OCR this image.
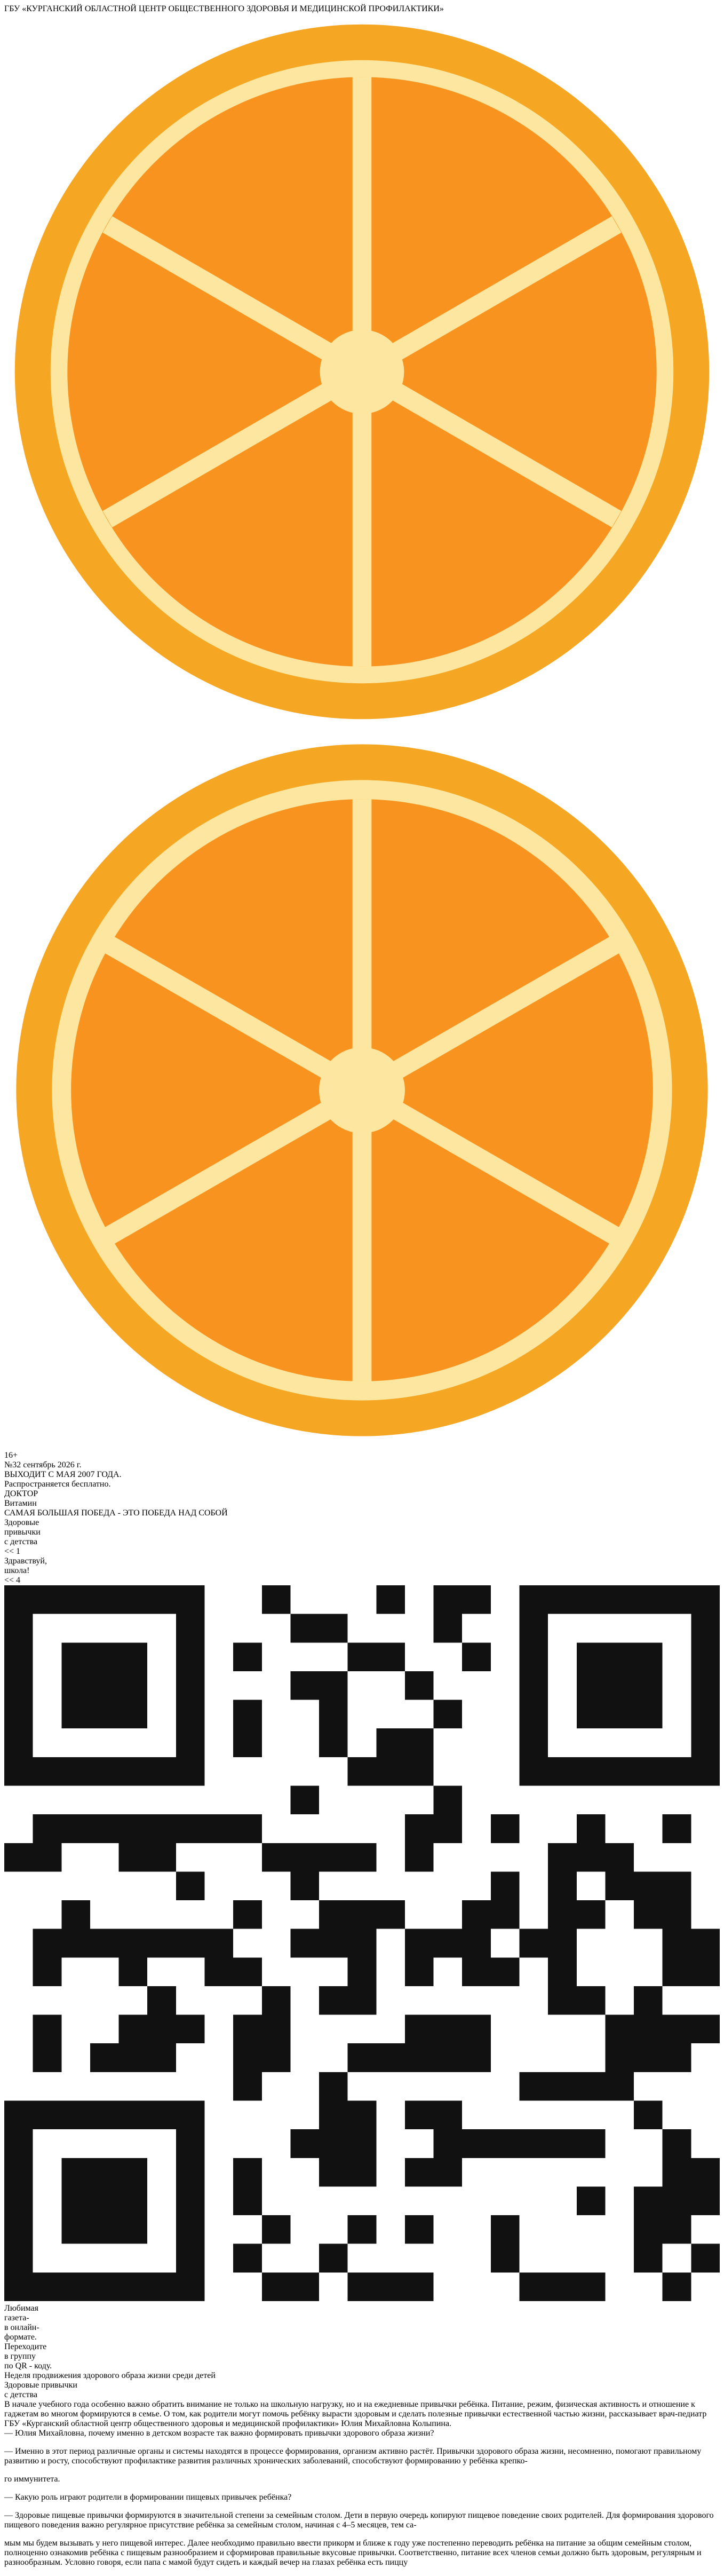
ГБУ «КУРГАНСКИЙ ОБЛАСТНОЙ ЦЕНТР ОБЩЕСТВЕННОГО ЗДОРОВЬЯ И МЕДИЦИНСКОЙ ПРОФИЛАКТИКИ»

16+
№32 сентябрь 2026 г.
ВЫХОДИТ С МАЯ 2007 ГОДА.
Распространяется бесплатно.
ДОКТОР
Витамин
САМАЯ БОЛЬШАЯ ПОБЕДА - ЭТО ПОБЕДА НАД СОБОЙ
Здоровые
привычки
с детства
<< 1
Здравствуй,
школа!
<< 4
Любимая
газета-
в онлайн-
формате.
Переходите
в группу
по QR - коду.
Неделя продвижения здорового образа жизни среди детей
Здоровые привычки
с детства
В начале учебного года особенно важно обратить внимание не только на школьную нагрузку, но и на ежедневные привычки ребёнка. Питание, режим, физическая активность и отношение к гаджетам во многом формируются в семье. О том, как родители могут помочь ребёнку вырасти здоровым и сделать полезные привычки естественной частью жизни, рассказывает врач-педиатр ГБУ «Курганский областной центр общественного здоровья и медицинской профилактики» Юлия Михайловна Колыпина.
— Юлия Михайловна, почему именно в детском возрасте так важно формировать привычки здорового образа жизни?

— Именно в этот период различные органы и системы находятся в процессе формирования, организм активно растёт. Привычки здорового образа жизни, несомненно, помогают правильному развитию и росту, способствуют профилактике развития различных хронических заболеваний, способствуют формированию у ребёнка крепко-

го иммунитета.

— Какую роль играют родители в формировании пищевых привычек ребёнка?

— Здоровые пищевые привычки формируются в значительной степени за семейным столом. Дети в первую очередь копируют пищевое поведение своих родителей. Для формирования здорового пищевого поведения важно регулярное присутствие ребёнка за семейным столом, начиная с 4–5 месяцев, тем са-

мым мы будем вызывать у него пищевой интерес. Далее необходимо правильно ввести прикорм и ближе к году уже постепенно переводить ребёнка на питание за общим семейным столом, полноценно ознакомив ребёнка с пищевым разнообразием и сформировав правильные вкусовые привычки. Соответственно, питание всех членов семьи должно быть здоровым, регулярным и разнообразным. Условно говоря, если папа с мамой будут сидеть и каждый вечер на глазах ребёнка есть пиццу
